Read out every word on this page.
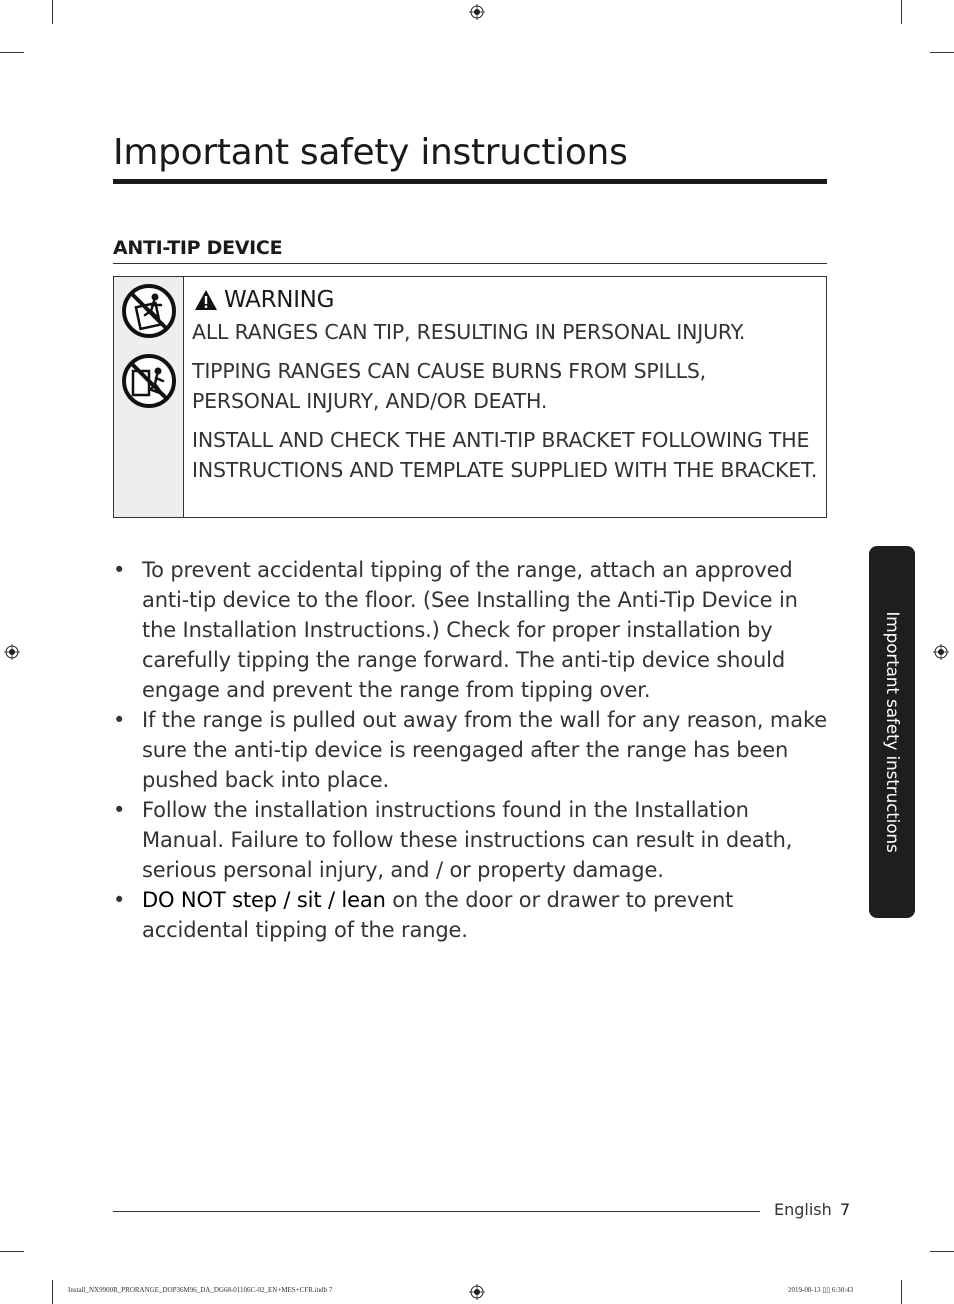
Important safety instructions
ANTI-TIP DEVICE
WARNING

ALL RANGES CAN TIP, RESULTING IN PERSONAL INJURY.

TIPPING RANGES CAN CAUSE BURNS FROM SPILLS, PERSONAL INJURY, AND/OR DEATH.

INSTALL AND CHECK THE ANTI-TIP BRACKET FOLLOWING THE INSTRUCTIONS AND TEMPLATE SUPPLIED WITH THE BRACKET.

• To prevent accidental tipping of the range, attach an approved anti-tip device to the floor. (See Installing the Anti-Tip Device in the Installation Instructions.) Check for proper installation by carefully tipping the range forward. The anti-tip device should engage and prevent the range from tipping over.
• If the range is pulled out away from the wall for any reason, make sure the anti-tip device is reengaged after the range has been pushed back into place.
• Follow the installation instructions found in the Installation Manual. Failure to follow these instructions can result in death, serious personal injury, and / or property damage.
• DO NOT step / sit / lean on the door or drawer to prevent accidental tipping of the range.
Important safety instructions
English 7
Install_NX9900R_PRORANGE_DOP36M96_DA_DG68-01106C-02_EN+MES+CFR.indb 7	2019-08-13 ▯▯ 6:30:43
